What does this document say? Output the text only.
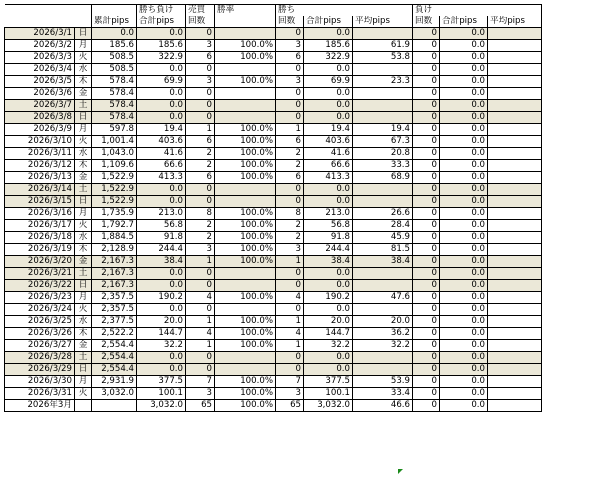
			勝ち負け	売買	勝率	勝ち			負け		
		累計pips	合計pips	回数		回数	合計pips	平均pips	回数	合計pips	平均pips
2026/3/1	日	0.0	0.0	0		0	0.0		0	0.0	
2026/3/2	月	185.6	185.6	3	100.0%	3	185.6	61.9	0	0.0	
2026/3/3	火	508.5	322.9	6	100.0%	6	322.9	53.8	0	0.0	
2026/3/4	水	508.5	0.0	0		0	0.0		0	0.0	
2026/3/5	木	578.4	69.9	3	100.0%	3	69.9	23.3	0	0.0	
2026/3/6	金	578.4	0.0	0		0	0.0		0	0.0	
2026/3/7	土	578.4	0.0	0		0	0.0		0	0.0	
2026/3/8	日	578.4	0.0	0		0	0.0		0	0.0	
2026/3/9	月	597.8	19.4	1	100.0%	1	19.4	19.4	0	0.0	
2026/3/10	火	1,001.4	403.6	6	100.0%	6	403.6	67.3	0	0.0	
2026/3/11	水	1,043.0	41.6	2	100.0%	2	41.6	20.8	0	0.0	
2026/3/12	木	1,109.6	66.6	2	100.0%	2	66.6	33.3	0	0.0	
2026/3/13	金	1,522.9	413.3	6	100.0%	6	413.3	68.9	0	0.0	
2026/3/14	土	1,522.9	0.0	0		0	0.0		0	0.0	
2026/3/15	日	1,522.9	0.0	0		0	0.0		0	0.0	
2026/3/16	月	1,735.9	213.0	8	100.0%	8	213.0	26.6	0	0.0	
2026/3/17	火	1,792.7	56.8	2	100.0%	2	56.8	28.4	0	0.0	
2026/3/18	水	1,884.5	91.8	2	100.0%	2	91.8	45.9	0	0.0	
2026/3/19	木	2,128.9	244.4	3	100.0%	3	244.4	81.5	0	0.0	
2026/3/20	金	2,167.3	38.4	1	100.0%	1	38.4	38.4	0	0.0	
2026/3/21	土	2,167.3	0.0	0		0	0.0		0	0.0	
2026/3/22	日	2,167.3	0.0	0		0	0.0		0	0.0	
2026/3/23	月	2,357.5	190.2	4	100.0%	4	190.2	47.6	0	0.0	
2026/3/24	火	2,357.5	0.0	0		0	0.0		0	0.0	
2026/3/25	水	2,377.5	20.0	1	100.0%	1	20.0	20.0	0	0.0	
2026/3/26	木	2,522.2	144.7	4	100.0%	4	144.7	36.2	0	0.0	
2026/3/27	金	2,554.4	32.2	1	100.0%	1	32.2	32.2	0	0.0	
2026/3/28	土	2,554.4	0.0	0		0	0.0		0	0.0	
2026/3/29	日	2,554.4	0.0	0		0	0.0		0	0.0	
2026/3/30	月	2,931.9	377.5	7	100.0%	7	377.5	53.9	0	0.0	
2026/3/31	火	3,032.0	100.1	3	100.0%	3	100.1	33.4	0	0.0	
2026年3月			3,032.0	65	100.0%	65	3,032.0	46.6	0	0.0	
